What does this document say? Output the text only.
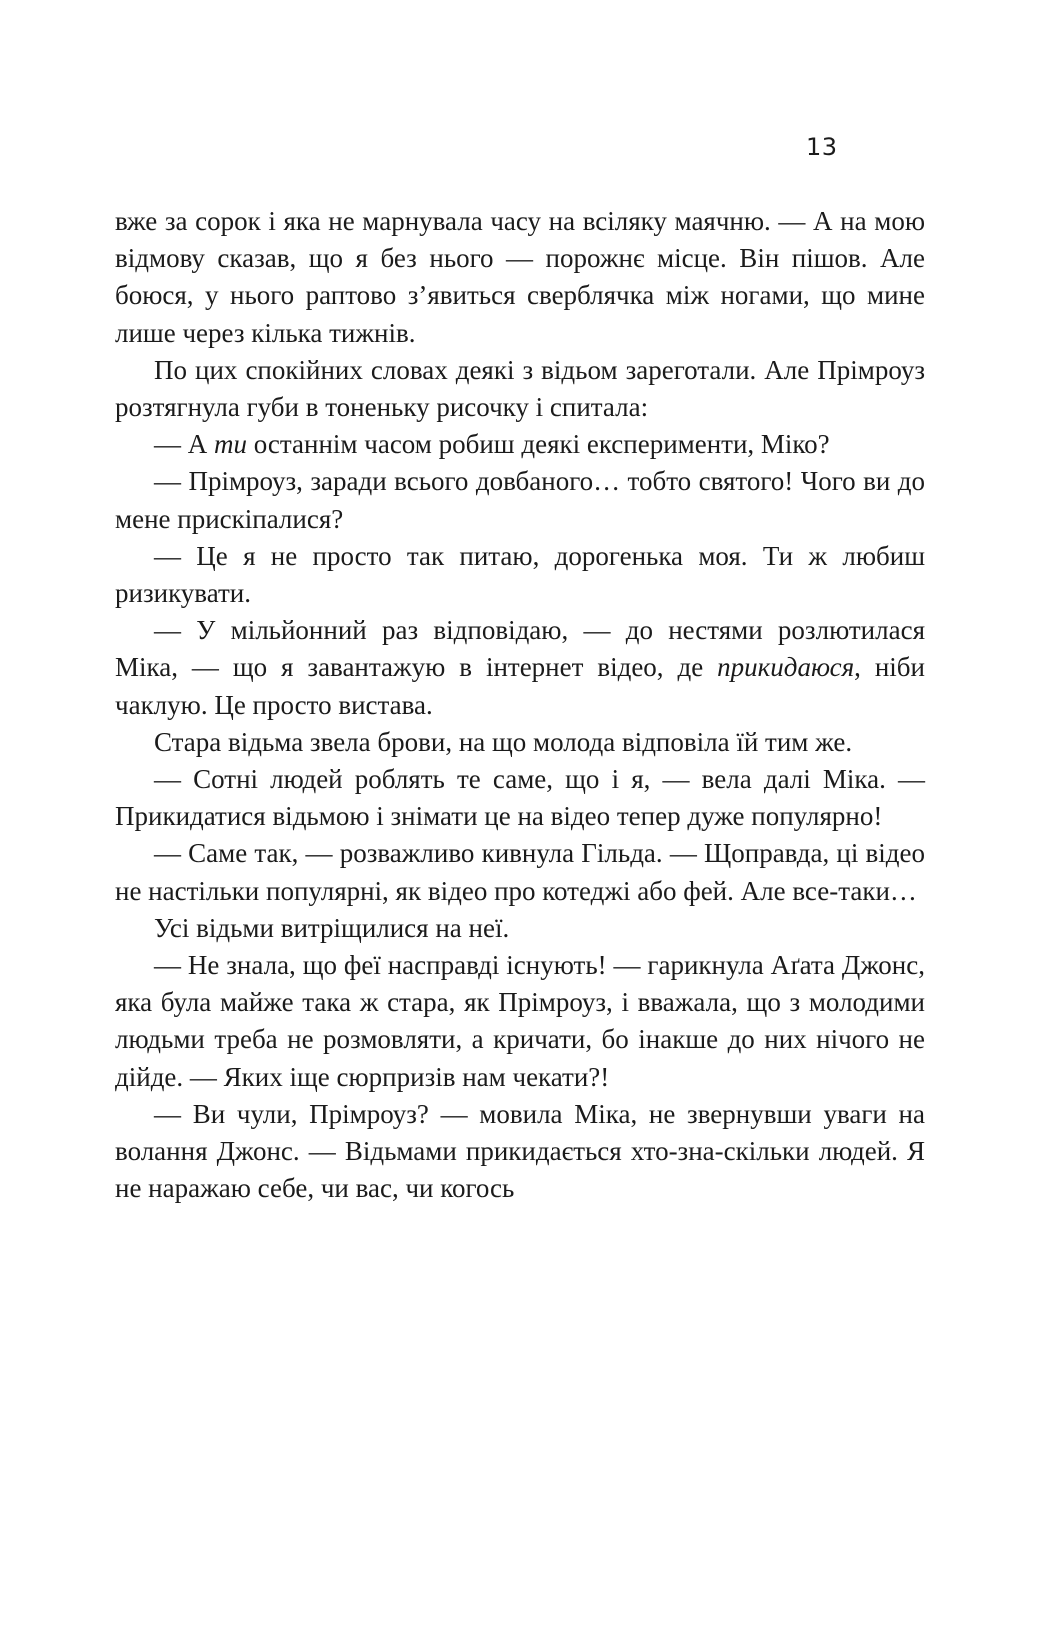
13

вже за сорок і яка не марнувала часу на всіляку маячню. — А на мою відмову сказав, що я без нього — порожнє місце. Він пішов. Але боюся, у нього раптово з’явиться сверблячка між ногами, що мине лише через кілька тижнів.

По цих спокійних словах деякі з відьом зареготали. Але Прімроуз розтягнула губи в тоненьку рисочку і спитала:

— А ти останнім часом робиш деякі експерименти, Міко?

— Прімроуз, заради всього довбаного… тобто святого! Чого ви до мене прискіпалися?

— Це я не просто так питаю, дорогенька моя. Ти ж любиш ризикувати.

— У мільйонний раз відповідаю, — до нестями розлютилася Міка, — що я завантажую в інтернет відео, де прикидаюся, ніби чаклую. Це просто вистава.

Стара відьма звела брови, на що молода відповіла їй тим же.

— Сотні людей роблять те саме, що і я, — вела далі Міка. — Прикидатися відьмою і знімати це на відео тепер дуже популярно!

— Саме так, — розважливо кивнула Гільда. — Щоправда, ці відео не настільки популярні, як відео про котеджі або фей. Але все-таки…

Усі відьми витріщилися на неї.

— Не знала, що феї насправді існують! — гарикнула Аґата Джонс, яка була майже така ж стара, як Прімроуз, і вважала, що з молодими людьми треба не розмовляти, а кричати, бо інакше до них нічого не дійде. — Яких іще сюрпризів нам чекати?!

— Ви чули, Прімроуз? — мовила Міка, не звернувши уваги на волання Джонс. — Відьмами прикидається хто-зна-скільки людей. Я не наражаю себе, чи вас, чи когось
